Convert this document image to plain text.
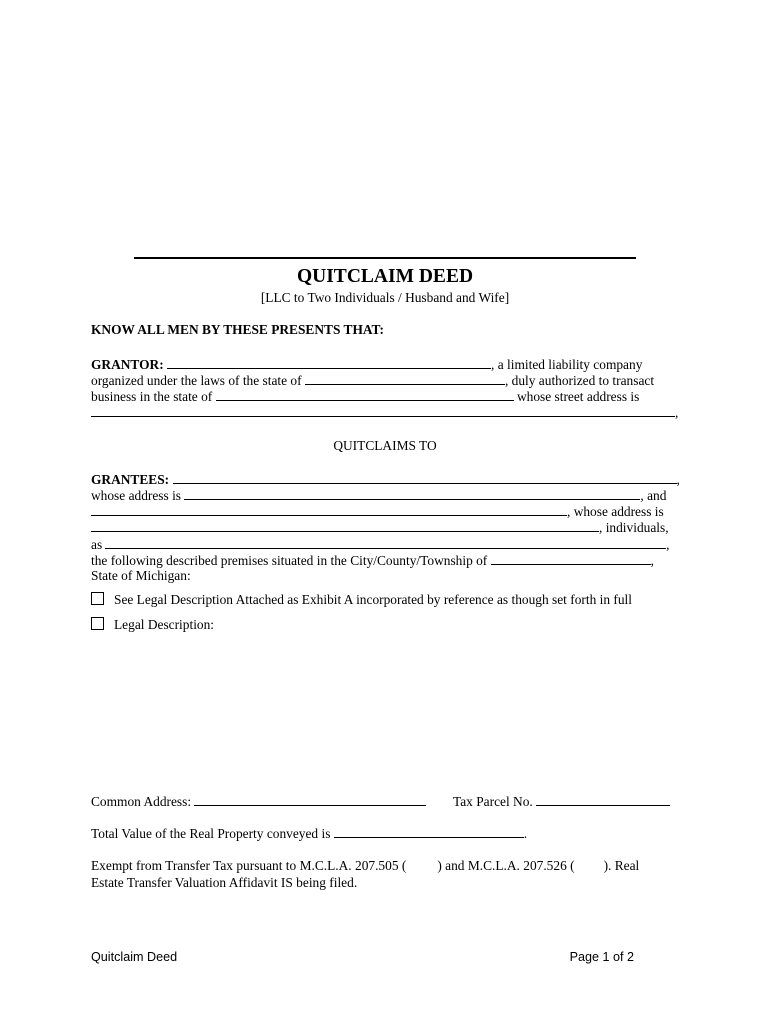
QUITCLAIM DEED
[LLC to Two Individuals / Husband and Wife]
KNOW ALL MEN BY THESE PRESENTS THAT:
GRANTOR:	, a limited liability company
organized under the laws of the state of	, duly authorized to transact
business in the state of	whose street address is
,
QUITCLAIMS TO
GRANTEES:	,
whose address is	, and
, whose address is
, individuals,
as	,
the following described premises situated in the City/County/Township of	,
State of Michigan:
See Legal Description Attached as Exhibit A incorporated by reference as though set forth in full
Legal Description:
Common Address:	Tax Parcel No.
Total Value of the Real Property conveyed is	.
Exempt from Transfer Tax pursuant to M.C.L.A. 207.505 ( ) and M.C.L.A. 207.526 ( ). Real
Estate Transfer Valuation Affidavit IS being filed.
Quitclaim Deed	Page 1 of 2
